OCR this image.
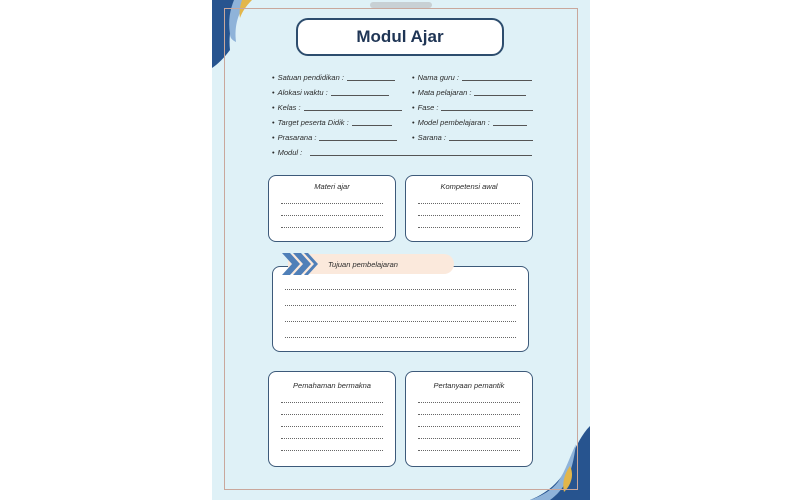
Modul Ajar
• Satuan pendidikan :
• Alokasi waktu :
• Kelas :
• Target peserta Didik :
• Prasarana :
• Nama guru :
• Mata pelajaran :
• Fase :
• Model pembelajaran :
• Sarana :
• Modul :
Materi ajar	Kompetensi awal
Tujuan pembelajaran
Pemahaman bermakna	Pertanyaan pemantik
